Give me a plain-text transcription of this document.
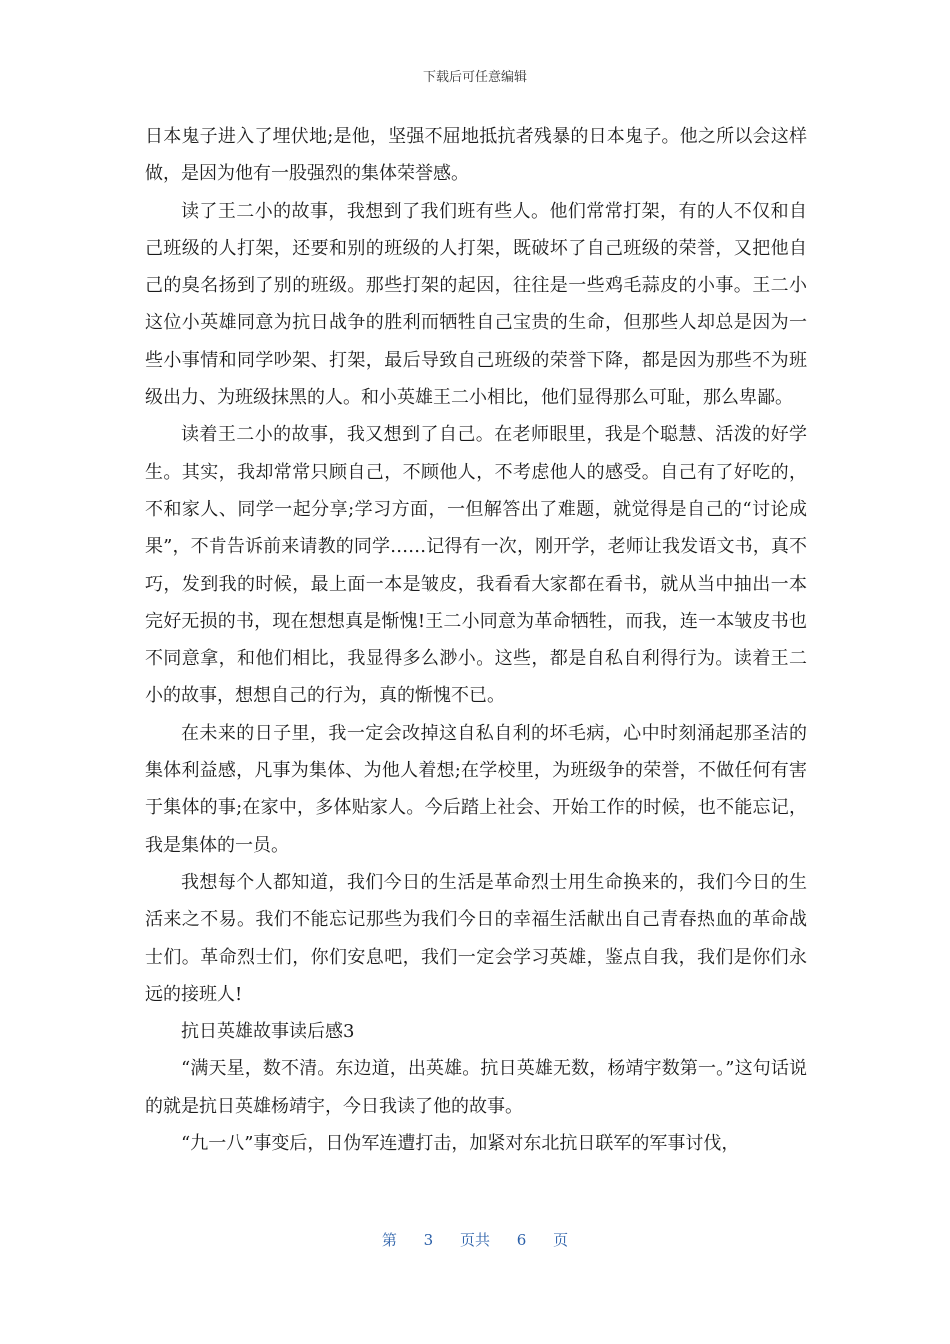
下载后可任意编辑

日本鬼子进入了埋伏地;是他，坚强不屈地抵抗者残暴的日本鬼子。他之所以会这样做，是因为他有一股强烈的集体荣誉感。

读了王二小的故事，我想到了我们班有些人。他们常常打架，有的人不仅和自己班级的人打架，还要和别的班级的人打架，既破坏了自己班级的荣誉，又把他自己的臭名扬到了别的班级。那些打架的起因，往往是一些鸡毛蒜皮的小事。王二小这位小英雄同意为抗日战争的胜利而牺牲自己宝贵的生命，但那些人却总是因为一些小事情和同学吵架、打架，最后导致自己班级的荣誉下降，都是因为那些不为班级出力、为班级抹黑的人。和小英雄王二小相比，他们显得那么可耻，那么卑鄙。

读着王二小的故事，我又想到了自己。在老师眼里，我是个聪慧、活泼的好学生。其实，我却常常只顾自己，不顾他人，不考虑他人的感受。自己有了好吃的，不和家人、同学一起分享;学习方面，一但解答出了难题，就觉得是自己的“讨论成果”，不肯告诉前来请教的同学……记得有一次，刚开学，老师让我发语文书，真不巧，发到我的时候，最上面一本是皱皮，我看看大家都在看书，就从当中抽出一本完好无损的书，现在想想真是惭愧!王二小同意为革命牺牲，而我，连一本皱皮书也不同意拿，和他们相比，我显得多么渺小。这些，都是自私自利得行为。读着王二小的故事，想想自己的行为，真的惭愧不已。

在未来的日子里，我一定会改掉这自私自利的坏毛病，心中时刻涌起那圣洁的集体利益感，凡事为集体、为他人着想;在学校里，为班级争的荣誉，不做任何有害于集体的事;在家中，多体贴家人。今后踏上社会、开始工作的时候，也不能忘记，我是集体的一员。

我想每个人都知道，我们今日的生活是革命烈士用生命换来的，我们今日的生活来之不易。我们不能忘记那些为我们今日的幸福生活献出自己青春热血的革命战士们。革命烈士们，你们安息吧，我们一定会学习英雄，鉴点自我，我们是你们永远的接班人!

抗日英雄故事读后感3

“满天星，数不清。东边道，出英雄。抗日英雄无数，杨靖宇数第一。”这句话说的就是抗日英雄杨靖宇，今日我读了他的故事。

“九一八”事变后，日伪军连遭打击，加紧对东北抗日联军的军事讨伐，

第 3 页共 6 页
